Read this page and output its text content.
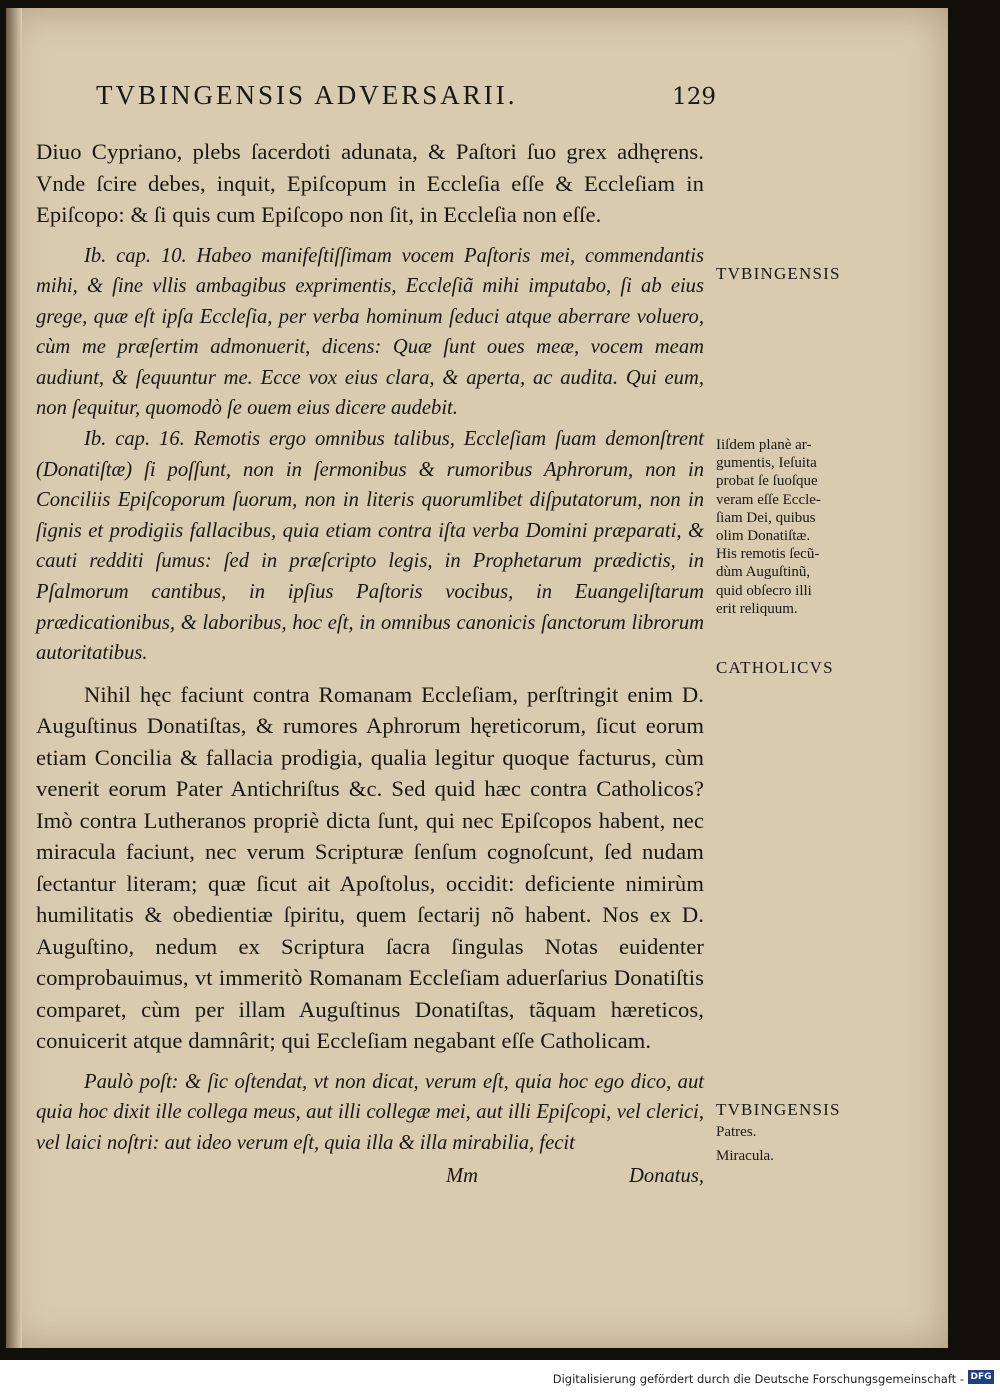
TVBINGENSIS ADVERSARII.	129

Diuo Cypriano, plebs ſacerdoti adunata, & Paſtori ſuo grex adhęrens. Vnde ſcire debes, inquit, Epiſcopum in Eccleſia eſſe & Eccleſiam in Epiſcopo: & ſi quis cum Epiſcopo non ſit, in Eccleſia non eſſe.

Ib. cap. 10. Habeo manifeſtiſſimam vocem Paſtoris mei, commendantis mihi, & ſine vllis ambagibus exprimentis, Eccleſiã mihi imputabo, ſi ab eius grege, quæ eſt ipſa Eccleſia, per verba hominum ſeduci atque aberrare voluero, cùm me præſertim admonuerit, dicens: Quæ ſunt oues meæ, vocem meam audiunt, & ſequuntur me. Ecce vox eius clara, & aperta, ac audita. Qui eum, non ſequitur, quomodò ſe ouem eius dicere audebit.

Ib. cap. 16. Remotis ergo omnibus talibus, Eccleſiam ſuam demonſtrent (Donatiſtæ) ſi poſſunt, non in ſermonibus & rumoribus Aphrorum, non in Conciliis Epiſcoporum ſuorum, non in literis quorumlibet diſputatorum, non in ſignis et prodigiis fallacibus, quia etiam contra iſta verba Domini præparati, & cauti redditi ſumus: ſed in præſcripto legis, in Prophetarum prædictis, in Pſalmorum cantibus, in ipſius Paſtoris vocibus, in Euangeliſtarum prædicationibus, & laboribus, hoc eſt, in omnibus canonicis ſanctorum librorum autoritatibus.

Nihil hęc faciunt contra Romanam Eccleſiam, perſtringit enim D. Auguſtinus Donatiſtas, & rumores Aphrorum hęreticorum, ſicut eorum etiam Concilia & fallacia prodigia, qualia legitur quoque facturus, cùm venerit eorum Pater Antichriſtus &c. Sed quid hæc contra Catholicos? Imò contra Lutheranos propriè dicta ſunt, qui nec Epiſcopos habent, nec miracula faciunt, nec verum Scripturæ ſenſum cognoſcunt, ſed nudam ſectantur literam; quæ ſicut ait Apoſtolus, occidit: deficiente nimirùm humilitatis & obedientiæ ſpiritu, quem ſectarij nõ habent. Nos ex D. Auguſtino, nedum ex Scriptura ſacra ſingulas Notas euidenter comprobauimus, vt immeritò Romanam Eccleſiam aduerſarius Donatiſtis comparet, cùm per illam Auguſtinus Donatiſtas, tãquam hæreticos, conuicerit atque damnârit; qui Eccleſiam negabant eſſe Catholicam.

Paulò poſt: & ſic oſtendat, vt non dicat, verum eſt, quia hoc ego dico, aut quia hoc dixit ille collega meus, aut illi collegæ mei, aut illi Epiſcopi, vel clerici, vel laici noſtri: aut ideo verum eſt, quia illa & illa mirabilia, fecit

Mm	Donatus,
TVBINGENSIS
Iiſdem planè ar-
gumentis, Ieſuita
probat ſe ſuoſque
veram eſſe Eccle-
ſiam Dei, quibus
olim Donatiſtæ.
His remotis ſecũ-
dùm Auguſtinũ,
quid obſecro illi
erit reliquum.
CATHOLICVS
TVBINGENSIS
Patres.
Miracula.
Digitalisierung gefördert durch die Deutsche Forschungsgemeinschaft - DFG
